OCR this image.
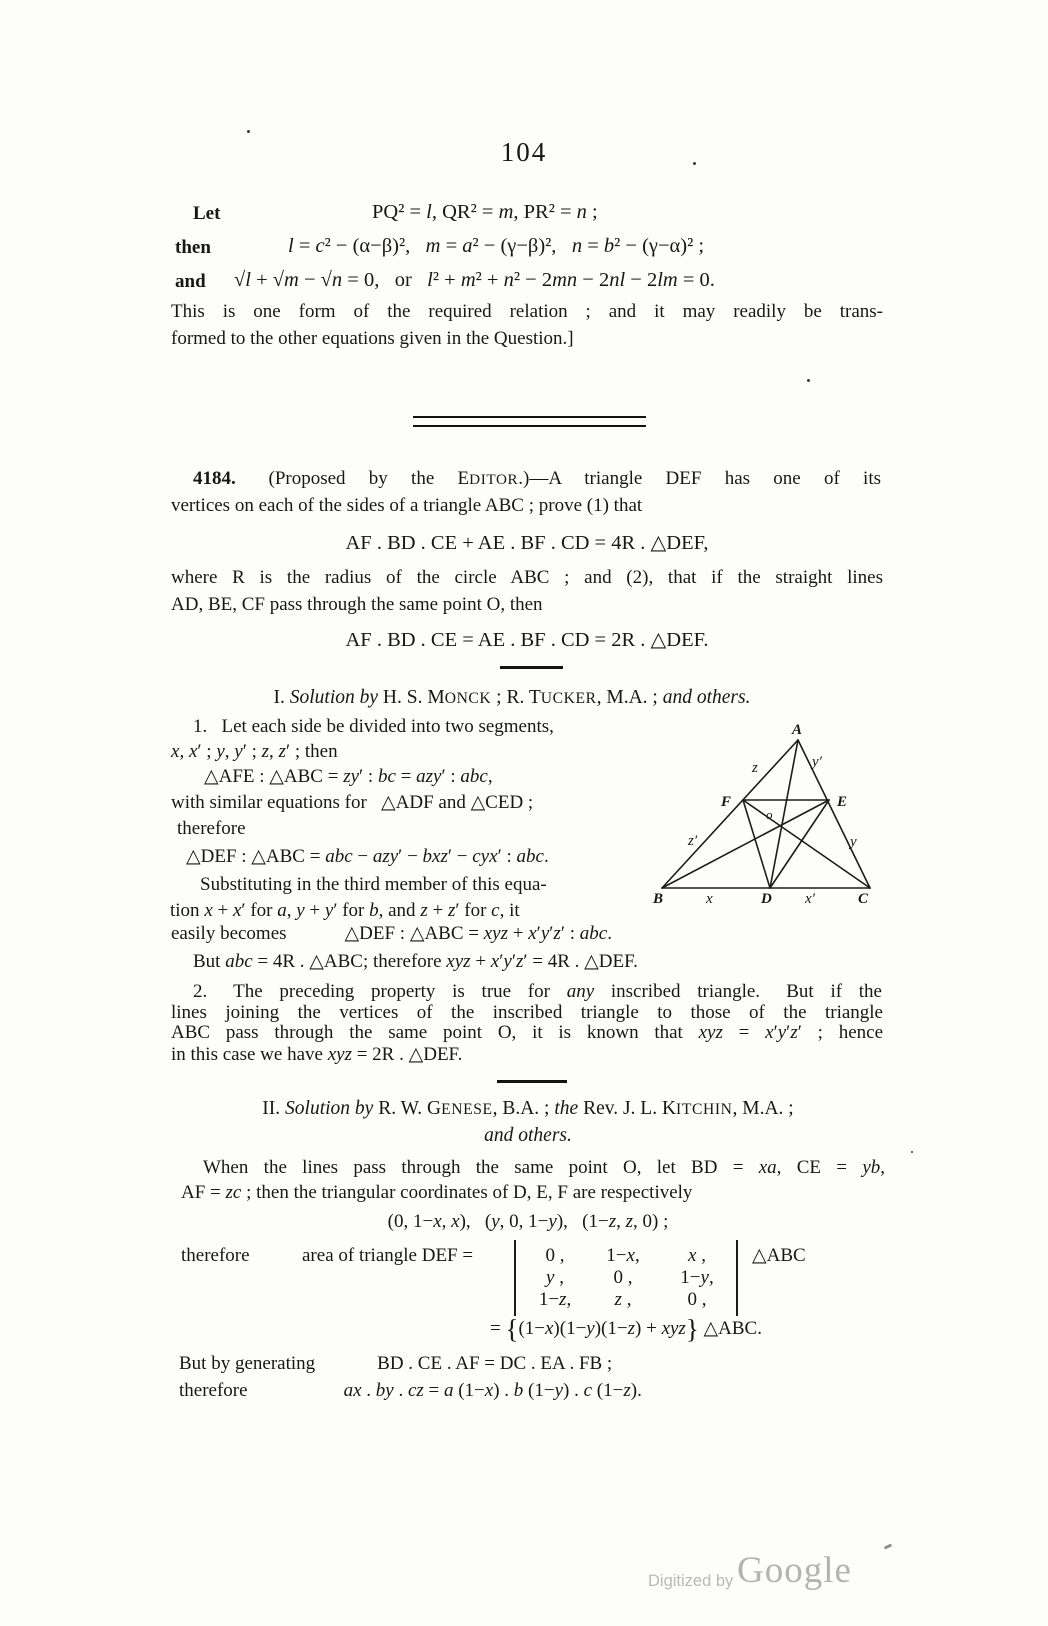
104
Let	PQ² = l, QR² = m, PR² = n ;
then	l = c² − (α−β)²,  m = a² − (γ−β)²,  n = b² − (γ−α)² ;
and √l + √m − √n = 0,  or  l² + m² + n² − 2mn − 2nl − 2lm = 0.
This is one form of the required relation ; and it may readily be trans-
formed to the other equations given in the Question.]
4184.  (Proposed by the EDITOR.)—A triangle DEF has one of its
vertices on each of the sides of a triangle ABC ; prove (1) that
AF . BD . CE + AE . BF . CD = 4R . △DEF,
where R is the radius of the circle ABC ; and (2), that if the straight lines
AD, BE, CF pass through the same point O, then
AF . BD . CE = AE . BF . CD = 2R . △DEF.
I. Solution by H. S. MONCK ; R. TUCKER, M.A. ; and others.
1.  Let each side be divided into two segments,
x, x′ ; y, y′ ; z, z′ ; then
△AFE : △ABC = zy′ : bc = azy′ : abc,
with similar equations for  △ADF and △CED ;
therefore
△DEF : △ABC = abc − azy′ − bxz′ − cyx′ : abc.
Substituting in the third member of this equa-
tion x + x′ for a, y + y′ for b, and z + z′ for c, it
easily becomes	△DEF : △ABC = xyz + x′y′z′ : abc.
But abc = 4R . △ABC; therefore xyz + x′y′z′ = 4R . △DEF.
2.  The preceding property is true for any inscribed triangle.  But if the
lines joining the vertices of the inscribed triangle to those of the triangle
ABC pass through the same point O, it is known that xyz = x′y′z′ ; hence
in this case we have xyz = 2R . △DEF.
A
z	y′
F	E
o
z′	y
B	x	D x′	C
II. Solution by R. W. GENESE, B.A. ; the Rev. J. L. KITCHIN, M.A. ;
and others.
When the lines pass through the same point O, let BD = xa, CE = yb,
AF = zc ; then the triangular coordinates of D, E, F are respectively
(0, 1−x, x),  (y, 0, 1−y),  (1−z, z, 0) ;
therefore	area of triangle DEF =	0 , 1−x,	x ,
y ,	0 ,	1−y,
1−z, z ,	0 ,
△ABC
= {(1−x)(1−y)(1−z) + xyz} △ABC.
But by generating	BD . CE . AF = DC . EA . FB ;
therefore	ax . by . cz = a (1−x) . b (1−y) . c (1−z).
Digitized by Google
